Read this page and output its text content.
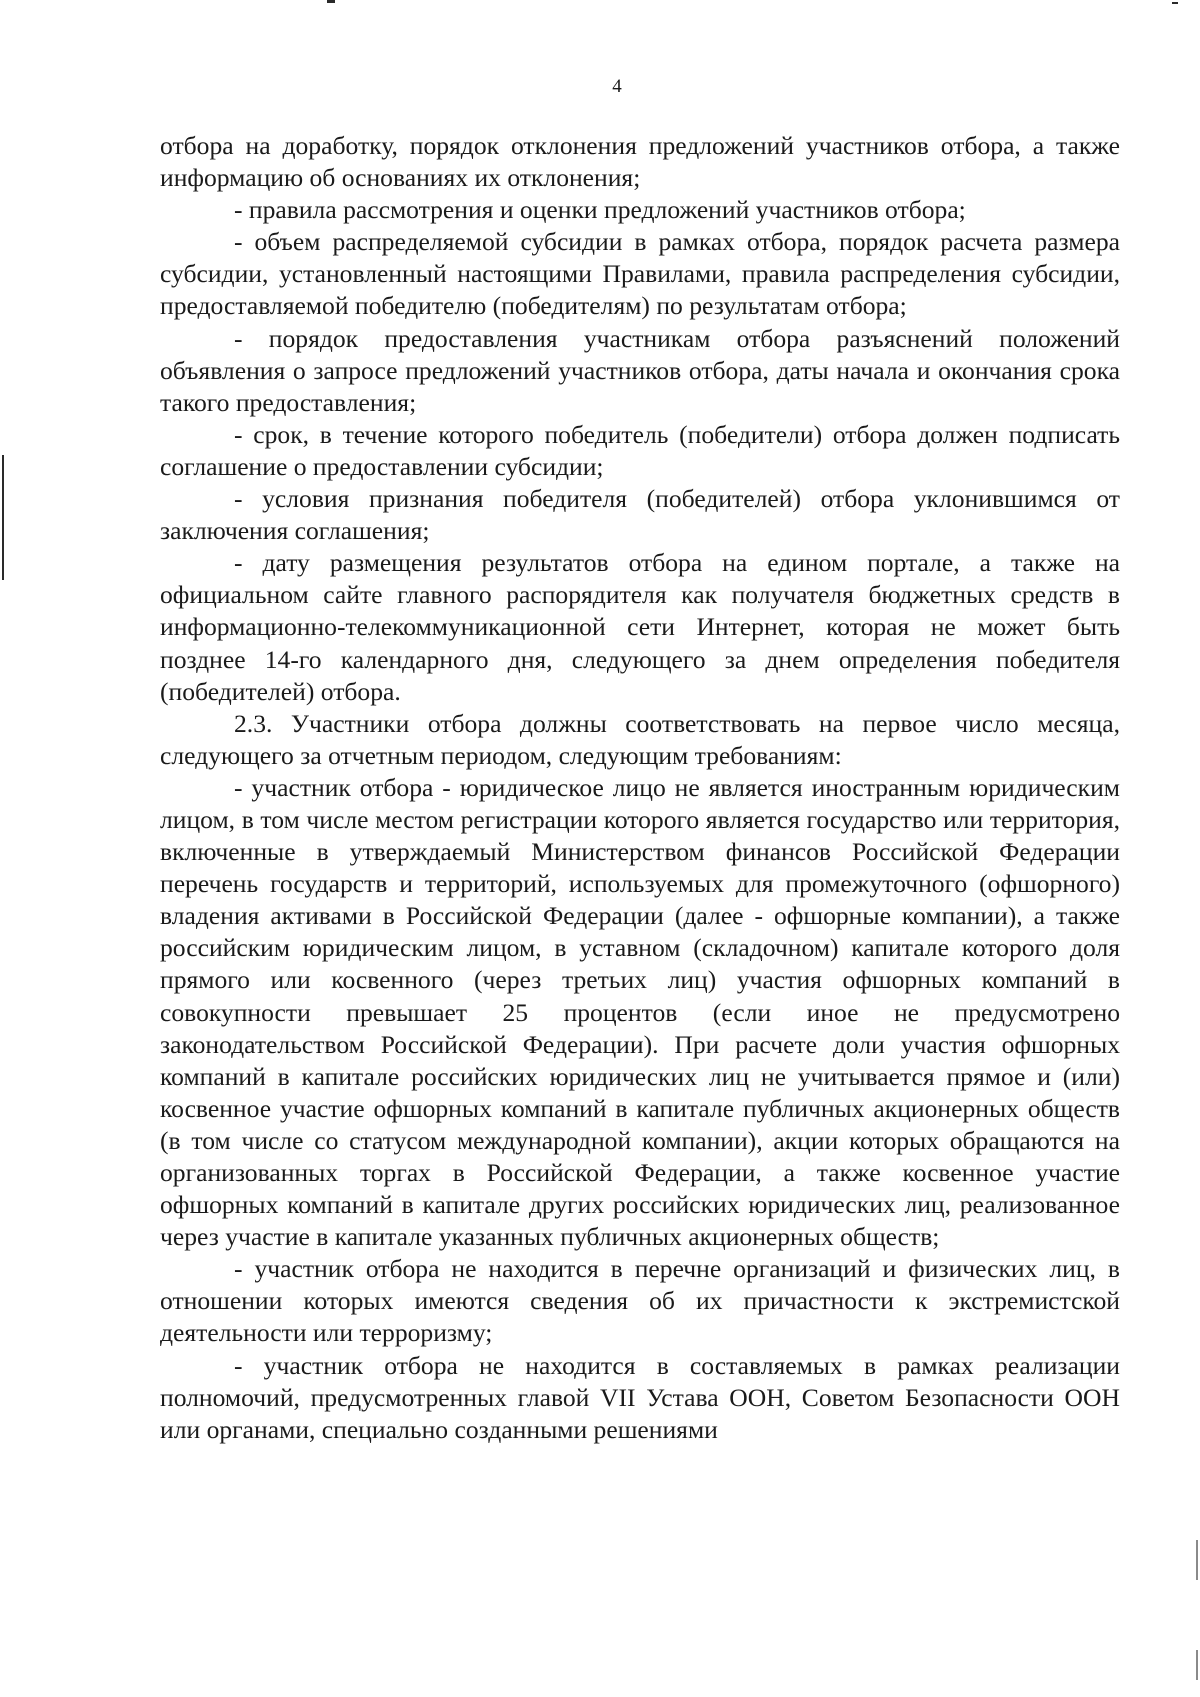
4

отбора на доработку, порядок отклонения предложений участников отбора, а также информацию об основаниях их отклонения;

- правила рассмотрения и оценки предложений участников отбора;

- объем распределяемой субсидии в рамках отбора, порядок расчета размера субсидии, установленный настоящими Правилами, правила распределения субсидии, предоставляемой победителю (победителям) по результатам отбора;

- порядок предоставления участникам отбора разъяснений положений объявления о запросе предложений участников отбора, даты начала и окончания срока такого предоставления;

- срок, в течение которого победитель (победители) отбора должен подписать соглашение о предоставлении субсидии;

- условия признания победителя (победителей) отбора уклонившимся от заключения соглашения;

- дату размещения результатов отбора на едином портале, а также на официальном сайте главного распорядителя как получателя бюджетных средств в информационно-телекоммуникационной сети Интернет, которая не может быть позднее 14-го календарного дня, следующего за днем определения победителя (победителей) отбора.

2.3. Участники отбора должны соответствовать на первое число месяца, следующего за отчетным периодом, следующим требованиям:

- участник отбора - юридическое лицо не является иностранным юридическим лицом, в том числе местом регистрации которого является государство или территория, включенные в утверждаемый Министерством финансов Российской Федерации перечень государств и территорий, используемых для промежуточного (офшорного) владения активами в Российской Федерации (далее - офшорные компании), а также российским юридическим лицом, в уставном (складочном) капитале которого доля прямого или косвенного (через третьих лиц) участия офшорных компаний в совокупности превышает 25 процентов (если иное не предусмотрено законодательством Российской Федерации). При расчете доли участия офшорных компаний в капитале российских юридических лиц не учитывается прямое и (или) косвенное участие офшорных компаний в капитале публичных акционерных обществ (в том числе со статусом международной компании), акции которых обращаются на организованных торгах в Российской Федерации, а также косвенное участие офшорных компаний в капитале других российских юридических лиц, реализованное через участие в капитале указанных публичных акционерных обществ;

- участник отбора не находится в перечне организаций и физических лиц, в отношении которых имеются сведения об их причастности к экстремистской деятельности или терроризму;

- участник отбора не находится в составляемых в рамках реализации полномочий, предусмотренных главой VII Устава ООН, Советом Безопасности ООН или органами, специально созданными решениями
